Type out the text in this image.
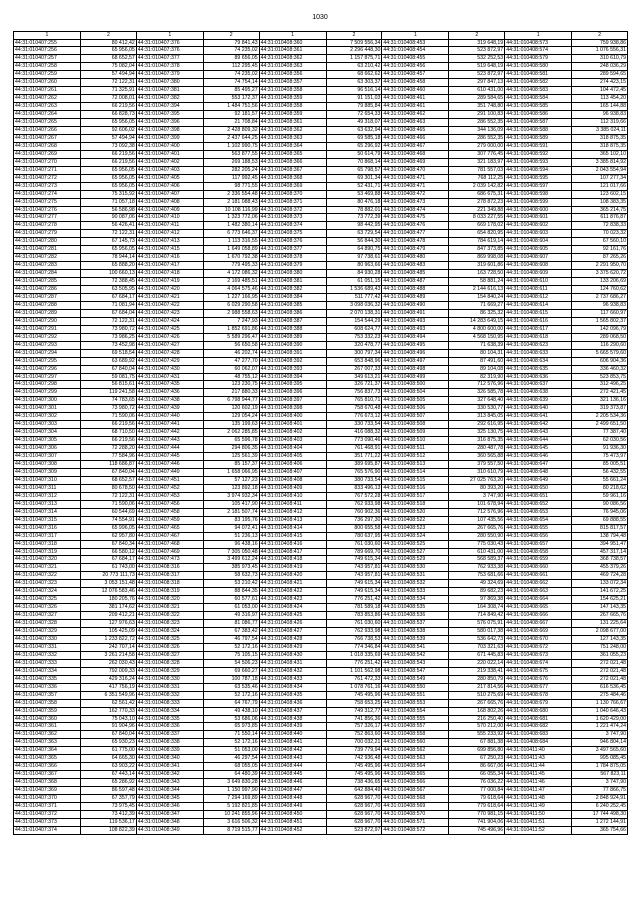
1030
1	2	1	2	1	2	1	2	1	2
44:31:010407:255	80 412,42	44:31:010407:376	79 841,43	44:31:010408:360	7 509 556,34	44:31:010408:453	319 648,19	44:31:010408:573	759 938,86
44:31:010407:256	65 956,05	44:31:010407:376	74 235,02	44:31:010408:361	2 296 448,30	44:31:010408:454	523 872,97	44:31:010408:574	1 076 556,31
44:31:010407:257	68 652,57	44:31:010407:377	89 656,05	44:31:010408:362	1 157 875,71	44:31:010408:455	532 252,53	44:31:010408:579	310 610,79
44:31:010407:258	75 082,04	44:31:010407:378	112 295,45	44:31:010408:363	63 210,42	44:31:010408:456	519 648,19	44:31:010408:580	248 036,29
44:31:010407:259	57 494,94	44:31:010407:379	74 235,02	44:31:010408:356	68 662,62	44:31:010408:457	523 872,97	44:31:010408:581	289 594,65
44:31:010407:260	72 122,31	44:31:010407:380	74 754,14	44:31:010408:357	63 303,37	44:31:010408:458	297 847,13	44:31:010408:582	274 423,15
44:31:010407:261	71 325,91	44:31:010407:381	85 495,27	44:31:010408:358	96 516,14	44:31:010408:460	610 431,00	44:31:010408:583	104 472,45
44:31:010407:262	72 008,01	44:31:010407:382	553 172,37	44:31:010408:359	91 151,03	44:31:010408:461	289 584,65	44:31:010408:584	113 454,20
44:31:010407:263	66 219,56	44:31:010407:394	1 484 751,56	44:31:010408:358	79 885,84	44:31:010408:461	351 748,80	44:31:010408:585	165 144,88
44:31:010407:264	66 828,73	44:31:010407:395	92 181,57	44:31:010408:359	72 654,33	44:31:010408:462	291 100,83	44:31:010408:586	96 938,83
44:31:010407:265	65 956,05	44:31:010407:396	21 708,84	44:31:010408:361	49 318,07	44:31:010408:463	286 552,35	44:31:010408:587	112 319,66
44:31:010407:266	92 606,02	44:31:010407:398	2 428 809,32	44:31:010408:362	63 632,94	44:31:010408:465	344 136,09	44:31:010408:588	3 385 024,11
44:31:010407:267	57 494,94	44:31:010407:399	2 437 644,25	44:31:010408:363	69 585,18	44:31:010408:466	286 552,35	44:31:010408:589	318 875,35
44:31:010407:268	73 092,38	44:31:010407:400	1 102 990,75	44:31:010408:364	65 296,92	44:31:010408:467	279 000,00	44:31:010408:591	318 875,35
44:31:010407:269	66 219,56	44:31:010407:401	563 877,55	44:31:010408:365	50 614,79	44:31:010408:468	307 776,45	44:31:010408:592	365 102,10
44:31:010407:270	66 219,56	44:31:010407:402	269 188,53	44:31:010408:366	70 868,14	44:31:010408:469	321 183,97	44:31:010408:593	3 385 814,92
44:31:010407:271	65 956,05	44:31:010407:403	282 205,24	44:31:010408:367	65 798,57	44:31:010408:470	781 557,03	44:31:010408:594	2 043 554,94
44:31:010407:272	65 956,05	44:31:010407:405	117 992,45	44:31:010408:368	69 301,34	44:31:010408:471	768 112,25	44:31:010408:595	107 277,34
44:31:010407:273	65 956,05	44:31:010407:406	98 771,55	44:31:010408:369	52 431,71	44:31:010408:471	2 039 142,82	44:31:010408:597	121 017,66
44:31:010407:274	75 315,92	44:31:010407:407	2 336 554,48	44:31:010408:370	53 469,88	44:31:010408:472	686 675,31	44:31:010408:598	123 602,15
44:31:010407:275	71 057,18	44:31:010407:408	2 181 088,43	44:31:010408:371	80 476,18	44:31:010408:473	278 872,23	44:31:010408:599	108 383,35
44:31:010407:276	56 586,98	44:31:010407:409	10 108 116,99	44:31:010408:372	78 882,01	44:31:010408:474	221 349,88	44:31:010408:600	365 214,75
44:31:010407:277	90 087,06	44:31:010407:410	1 323 772,06	44:31:010408:373	73 772,39	44:31:010408:475	8 033 227,55	44:31:010408:601	611 876,87
44:31:010407:278	56 426,41	44:31:010407:411	1 482 380,14	44:31:010408:374	98 442,95	44:31:010408:476	669 178,02	44:31:010408:602	72 838,33
44:31:010407:279	72 122,31	44:31:010407:412	6 773 646,37	44:31:010408:375	63 729,54	44:31:010408:477	654 820,95	44:31:010408:603	70 023,32
44:31:010407:280	67 145,73	44:31:010407:413	1 113 316,55	44:31:010408:376	56 844,30	44:31:010408:478	784 619,14	44:31:010408:604	67 560,10
44:31:010407:281	65 956,05	44:31:010407:415	1 649 058,89	44:31:010408:377	64 890,75	44:31:010408:479	847 373,85	44:31:010408:605	92 161,76
44:31:010407:282	78 944,14	44:31:010407:416	1 670 792,38	44:31:010408:378	97 738,61	44:31:010408:480	869 998,08	44:31:010408:607	87 265,26
44:31:010407:283	65 888,20	44:31:010407:417	779 495,33	44:31:010408:379	80 963,66	44:31:010408:483	319 601,86	44:31:010408:608	2 291 950,70
44:31:010407:284	100 660,13	44:31:010407:418	4 172 086,32	44:31:010408:380	84 930,28	44:31:010408:485	163 728,50	44:31:010408:609	3 375 620,72
44:31:010407:285	72 388,45	44:31:010407:419	2 169 485,51	44:31:010408:381	61 051,15	44:31:010408:487	58 881,24	44:31:010408:610	133 206,69
44:31:010407:286	63 505,95	44:31:010407:420	4 064 575,46	44:31:010408:382	1 536 689,43	44:31:010408:488	2 144 616,13	44:31:010408:611	124 760,62
44:31:010407:287	67 684,17	44:31:010407:421	1 227 166,95	44:31:010408:384	511 777,42	44:31:010408:489	154 840,24	44:31:010408:612	2 737 686,27
44:31:010407:288	71 081,94	44:31:010407:422	6 029 290,58	44:31:010408:385	3 098 036,32	44:31:010408:490	71 669,27	44:31:010408:614	96 938,83
44:31:010407:289	67 684,04	44:31:010407:423	2 988 558,63	44:31:010408:386	2 070 138,31	44:31:010408:491	86 325,32	44:31:010408:615	117 660,97
44:31:010407:290	72 122,31	44:31:010407:424	7 247,93	44:31:010408:387	154 544,29	44:31:010408:493	14 283 649,15	44:31:010408:616	1 565 802,37
44:31:010407:291	73 980,72	44:31:010407:425	1 852 691,86	44:31:010408:388	608 624,77	44:31:010408:493	4 800 600,00	44:31:010408:617	142 096,79
44:31:010407:292	73 986,25	44:31:010407:426	5 589 296,47	44:31:010408:389	753 332,23	44:31:010408:494	4 568 150,95	44:31:010408:618	289 068,50
44:31:010407:293	73 452,98	44:31:010407:427	56 650,58	44:31:010408:390	320 478,77	44:31:010408:495	71 638,39	44:31:010408:623	116 290,60
44:31:010407:294	69 518,54	44:31:010407:428	46 202,74	44:31:010408:391	300 797,34	44:31:010408:496	80 104,31	44:31:010408:633	5 665 579,60
44:31:010407:295	63 689,92	44:31:010407:429	47 277,70	44:31:010408:392	653 848,96	44:31:010408:497	87 491,60	44:31:010408:634	606 904,36
44:31:010407:296	67 840,04	44:31:010407:430	60 062,07	44:31:010408:393	267 007,33	44:31:010408:498	89 104,08	44:31:010408:635	336 460,32
44:31:010407:297	59 081,75	44:31:010407:431	48 755,12	44:31:010408:394	349 613,21	44:31:010408:499	82 319,90	44:31:010408:636	523 853,75
44:31:010407:298	56 815,61	44:31:010407:435	123 230,75	44:31:010408:395	326 721,37	44:31:010408:500	712 576,96	44:31:010408:637	312 496,25
44:31:010407:299	119 241,58	44:31:010407:436	217 880,33	44:31:010408:396	756 837,73	44:31:010408:504	326 585,78	44:31:010408:638	272 421,45
44:31:010407:300	74 783,65	44:31:010407:438	6 798 944,77	44:31:010408:397	765 810,71	44:31:010408:505	327 648,40	44:31:010408:639	321 136,16
44:31:010407:301	73 980,72	44:31:010407:439	120 602,19	44:31:010408:398	758 670,48	44:31:010408:506	330 530,77	44:31:010408:640	319 373,87
44:31:010407:302	71 590,06	44:31:010407:440	129 054,24	44:31:010408:400	776 673,12	44:31:010408:507	313 845,05	44:31:010408:641	2 205 534,36
44:31:010407:303	66 219,56	44:31:010407:441	135 199,63	44:31:010408:401	330 733,54	44:31:010408:508	292 616,95	44:31:010408:642	2 499 651,50
44:31:010407:304	68 710,50	44:31:010407:442	2 062 285,85	44:31:010408:402	416 088,32	44:31:010408:509	325 130,75	44:31:010408:643	77 387,40
44:31:010407:305	66 219,56	44:31:010407:443	65 596,78	44:31:010408:403	773 090,46	44:31:010408:510	316 875,35	44:31:010408:644	62 030,56
44:31:010407:306	72 288,20	44:31:010407:444	294 806,35	44:31:010408:404	761 468,91	44:31:010408:511	280 487,78	44:31:010408:645	91 936,30
44:31:010407:307	77 584,96	44:31:010407:445	125 561,39	44:31:010408:405	351 771,22	44:31:010408:512	360 565,88	44:31:010408:646	75 473,97
44:31:010407:308	118 686,87	44:31:010407:446	85 157,37	44:31:010408:406	389 695,87	44:31:010408:513	379 557,50	44:31:010408:647	85 005,51
44:31:010407:309	67 840,04	44:31:010407:449	1 658 066,95	44:31:010408:407	765 576,90	44:31:010408:514	310 610,79	44:31:010408:648	56 432,55
44:31:010407:310	68 652,57	44:31:010407:451	57 127,23	44:31:010408:408	380 733,54	44:31:010408:515	27 025 763,20	44:31:010408:649	55 661,24
44:31:010407:311	80 678,50	44:31:010407:452	123 892,18	44:31:010408:409	833 496,13	44:31:010408:516	80 393,20	44:31:010408:650	80 218,62
44:31:010407:312	72 122,31	44:31:010407:453	3 974 932,34	44:31:010408:410	767 572,28	44:31:010408:517	3 747,90	44:31:010408:651	59 961,16
44:31:010407:313	71 590,06	44:31:010407:456	105 417,90	44:31:010408:411	762 933,98	44:31:010408:518	101 678,94	44:31:010408:652	90 086,56
44:31:010407:314	60 544,69	44:31:010407:458	2 181 507,74	44:31:010408:412	760 902,36	44:31:010408:520	712 576,96	44:31:010408:653	76 945,06
44:31:010407:315	74 554,91	44:31:010407:459	83 195,76	44:31:010408:413	736 297,30	44:31:010408:522	107 435,56	44:31:010408:654	69 888,55
44:31:010407:316	65 996,05	44:31:010407:465	94 072,41	44:31:010408:414	800 655,58	44:31:010408:523	267 665,76	44:31:010408:655	815 817,57
44:31:010407:317	62 957,80	44:31:010407:467	51 236,13	44:31:010408:415	780 637,95	44:31:010408:524	280 550,90	44:31:010408:656	138 794,48
44:31:010407:318	67 840,34	44:31:010407:468	96 438,16	44:31:010408:416	761 030,60	44:31:010408:525	775 030,43	44:31:010408:657	394 951,47
44:31:010407:319	66 580,12	44:31:010407:469	7 305 050,48	44:31:010408:417	789 669,70	44:31:010408:527	610 431,00	44:31:010408:658	457 317,14
44:31:010407:320	67 684,17	44:31:010407:473	3 499 612,24	44:31:010408:418	749 615,34	44:31:010408:529	568 589,37	44:31:010408:659	368 738,57
44:31:010407:321	61 743,00	44:31:010408:316	385 973,45	44:31:010408:419	743 957,81	44:31:010408:530	762 933,38	44:31:010408:660	455 379,26
44:31:010407:322	20 773 111,73	44:31:010408:317	58 632,73	44:31:010408:420	743 957,81	44:31:010408:531	753 681,66	44:31:010408:661	469 724,28
44:31:010407:323	3 053 151,48	44:31:010408:318	53 210,42	44:31:010408:421	749 615,34	44:31:010408:532	49 324,69	44:31:010408:662	133 072,34
44:31:010407:324	12 076 583,46	44:31:010408:319	88 844,35	44:31:010408:422	749 615,34	44:31:010408:533	89 682,23	44:31:010408:663	141 672,25
44:31:010407:325	180 205,76	44:31:010408:320	60 577,61	44:31:010408:423	776 251,42	44:31:010408:534	97 869,38	44:31:010408:664	154 625,21
44:31:010407:326	381 174,62	44:31:010408:321	61 053,00	44:31:010408:424	781 589,18	44:31:010408:535	164 308,74	44:31:010408:665	147 143,35
44:31:010407:327	209 412,21	44:31:010408:322	49 316,97	44:31:010408:425	783 853,86	44:31:010408:536	714 849,42	44:31:010408:666	267 665,76
44:31:010407:328	127 976,63	44:31:010408:323	81 086,77	44:31:010408:426	761 030,60	44:31:010408:537	576 075,91	44:31:010408:667	131 225,64
44:31:010407:329	105 425,09	44:31:010408:324	67 383,42	44:31:010408:427	762 933,98	44:31:010408:538	580 017,38	44:31:010408:669	2 098 677,00
44:31:010407:330	1 233 822,72	44:31:010408:325	46 797,54	44:31:010408:428	766 738,53	44:31:010408:539	536 642,73	44:31:010408:670	127 143,35
44:31:010407:331	242 707,14	44:31:010408:326	52 172,16	44:31:010408:429	774 346,84	44:31:010408:541	703 321,63	44:31:010408:672	751 248,00
44:31:010407:332	3 261 214,58	44:31:010408:327	75 105,15	44:31:010408:430	1 018 335,69	44:31:010408:542	671 445,83	44:31:010408:673	361 055,23
44:31:010407:333	262 030,43	44:31:010408:328	54 506,23	44:31:010408:431	776 251,42	44:31:010408:543	220 022,14	44:31:010408:674	272 021,48
44:31:010407:334	792 009,33	44:31:010408:329	69 660,27	44:31:010408:432	1 101 562,98	44:31:010408:547	219 338,41	44:31:010408:675	272 021,48
44:31:010407:335	429 316,24	44:31:010408:330	100 787,18	44:31:010408:433	761 472,33	44:31:010408:549	280 850,79	44:31:010408:676	272 021,48
44:31:010407:336	417 756,19	44:31:010408:331	63 535,46	44:31:010408:434	1 078 761,16	44:31:010408:550	217 814,56	44:31:010408:677	616 536,45
44:31:010407:357	6 351 549,96	44:31:010408:332	52 172,16	44:31:010408:435	745 495,96	44:31:010408:551	510 275,69	44:31:010408:678	275 484,46
44:31:010407:358	62 561,42	44:31:010408:333	64 767,79	44:31:010408:436	758 653,25	44:31:010408:553	267 665,76	44:31:010408:679	1 130 766,67
44:31:010407:359	162 770,33	44:31:010408:334	49 438,10	44:31:010408:437	749 312,77	44:31:010408:554	168 802,26	44:31:010408:680	1 040 646,43
44:31:010407:360	75 043,10	44:31:010408:335	53 686,06	44:31:010408:438	741 856,36	44:31:010408:555	216 250,40	44:31:010408:681	1 620 429,00
44:31:010407:361	91 904,96	44:31:010408:336	65 973,85	44:31:010408:439	757 326,17	44:31:010408:557	570 212,00	44:31:010408:682	1 221 474,24
44:31:010407:362	67 840,04	44:31:010408:337	71 550,14	44:31:010408:440	752 863,60	44:31:010408:558	555 233,92	44:31:010408:683	3 747,90
44:31:010407:363	65 930,23	44:31:010408:338	52 172,16	44:31:010408:441	700 032,21	44:31:010408:560	67 881,38	44:31:010408:684	946 804,14
44:31:010407:364	61 775,00	44:31:010408:339	51 053,00	44:31:010408:442	739 779,94	44:31:010408:562	699 856,80	44:31:010411:40	3 497 565,60
44:31:010407:365	64 665,30	44:31:010408:340	46 297,54	44:31:010408:443	742 936,48	44:31:010408:563	67 250,23	44:31:010411:43	995 085,45
44:31:010407:366	63 903,22	44:31:010408:341	68 055,05	44:31:010408:444	745 495,96	44:31:010408:564	86 667,06	44:31:010411:44	1 784 875,05
44:31:010407:367	67 443,14	44:31:010408:342	64 480,39	44:31:010408:445	745 495,96	44:31:010408:565	66 055,34	44:31:010411:45	567 823,11
44:31:010407:368	65 286,92	44:31:010408:343	3 649 830,28	44:31:010408:446	738 436,65	44:31:010408:566	76 036,22	44:31:010411:46	3 747,90
44:31:010407:369	86 597,48	44:31:010408:344	1 150 997,90	44:31:010408:447	642 884,49	44:31:010408:567	77 000,84	44:31:010411:47	77 866,75
44:31:010407:370	67 357,79	44:31:010408:345	7 294 169,89	44:31:010408:448	628 967,70	44:31:010408:568	79 618,64	44:31:010411:48	2 848 924,91
44:31:010407:371	73 975,45	44:31:010408:346	5 192 821,85	44:31:010408:449	628 967,70	44:31:010408:569	779 618,64	44:31:010411:49	6 240 252,45
44:31:010407:372	73 412,39	44:31:010408:347	10 241 855,96	44:31:010408:450	628 967,70	44:31:010408:570	770 981,15	44:31:010411:50	17 744 498,30
44:31:010407:373	119 536,17	44:31:010408:348	3 616 506,32	44:31:010408:451	628 967,70	44:31:010408:571	741 904,06	44:31:010411:51	1 272 144,91
44:31:010407:374	108 822,39	44:31:010408:349	8 719 515,77	44:31:010408:452	523 872,97	44:31:010408:572	745 496,96	44:31:010411:52	365 754,66
